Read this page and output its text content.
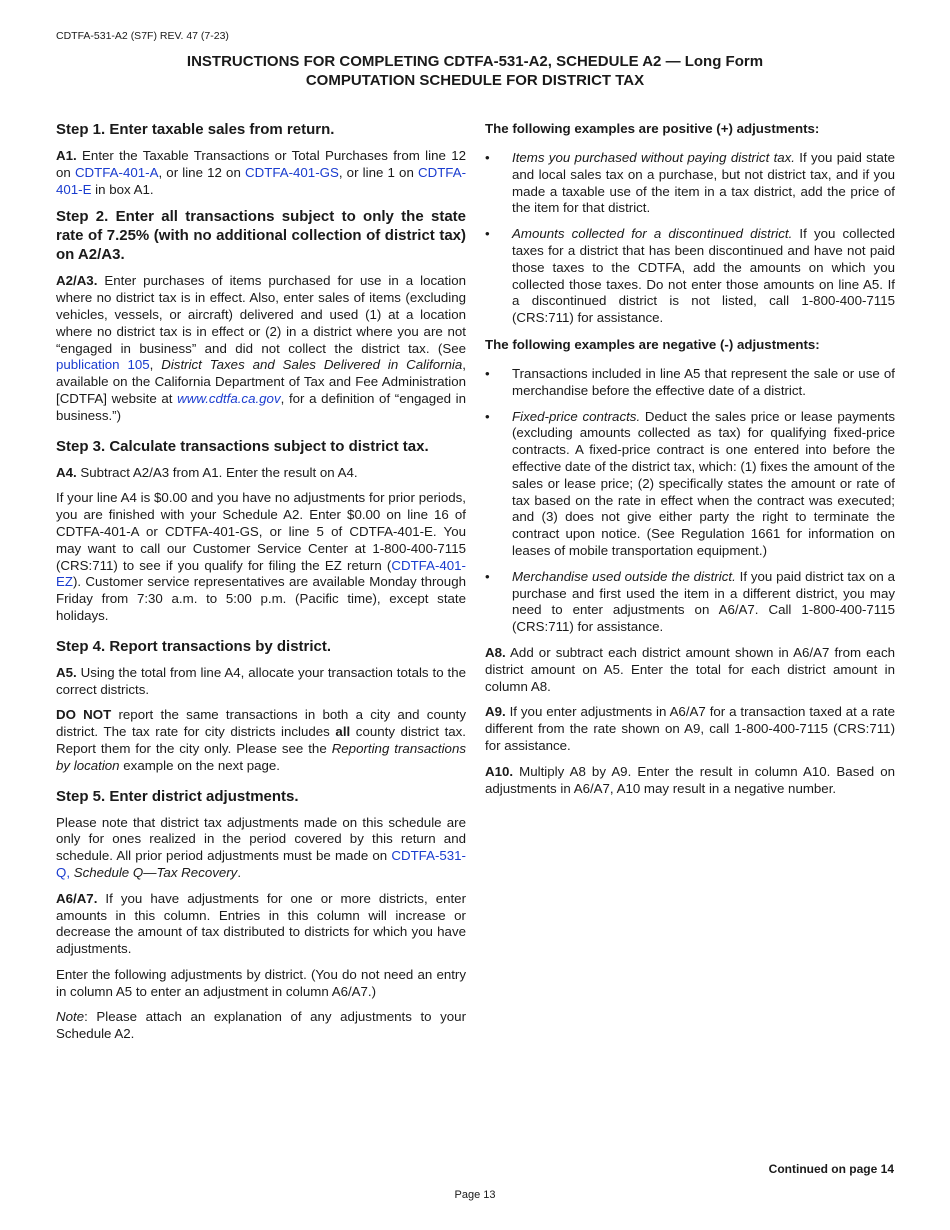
CDTFA-531-A2 (S7F) REV. 47 (7-23)
INSTRUCTIONS FOR COMPLETING CDTFA-531-A2, SCHEDULE A2 — Long Form
COMPUTATION SCHEDULE FOR DISTRICT TAX
Step 1. Enter taxable sales from return.

A1. Enter the Taxable Transactions or Total Purchases from line 12 on CDTFA-401-A, or line 12 on CDTFA-401-GS, or line 1 on CDTFA-401-E in box A1.

Step 2. Enter all transactions subject to only the state rate of 7.25% (with no additional collection of district tax) on A2/A3.

A2/A3. Enter purchases of items purchased for use in a location where no district tax is in effect. Also, enter sales of items (excluding vehicles, vessels, or aircraft) delivered and used (1) at a location where no district tax is in effect or (2) in a district where you are not “engaged in business” and did not collect the district tax. (See publication 105, District Taxes and Sales Delivered in California, available on the California Department of Tax and Fee Administration [CDTFA] website at www.cdtfa.ca.gov, for a definition of “engaged in business.”)

Step 3. Calculate transactions subject to district tax.

A4. Subtract A2/A3 from A1. Enter the result on A4.

If your line A4 is $0.00 and you have no adjustments for prior periods, you are finished with your Schedule A2. Enter $0.00 on line 16 of CDTFA-401-A or CDTFA-401-GS, or line 5 of CDTFA-401-E. You may want to call our Customer Service Center at 1-800-400-7115 (CRS:711) to see if you qualify for filing the EZ return (CDTFA-401-EZ). Customer service representatives are available Monday through Friday from 7:30 a.m. to 5:00 p.m. (Pacific time), except state holidays.

Step 4. Report transactions by district.

A5. Using the total from line A4, allocate your transaction totals to the correct districts.

DO NOT report the same transactions in both a city and county district. The tax rate for city districts includes all county district tax. Report them for the city only. Please see the Reporting transactions by location example on the next page.

Step 5. Enter district adjustments.

Please note that district tax adjustments made on this schedule are only for ones realized in the period covered by this return and schedule. All prior period adjustments must be made on CDTFA-531-Q, Schedule Q—Tax Recovery.

A6/A7. If you have adjustments for one or more districts, enter amounts in this column. Entries in this column will increase or decrease the amount of tax distributed to districts for which you have adjustments.

Enter the following adjustments by district. (You do not need an entry in column A5 to enter an adjustment in column A6/A7.)

Note: Please attach an explanation of any adjustments to your Schedule A2.

The following examples are positive (+) adjustments:
• Items you purchased without paying district tax. If you paid state and local sales tax on a purchase, but not district tax, and if you made a taxable use of the item in a tax district, add the price of the item for that district.
• Amounts collected for a discontinued district. If you collected taxes for a district that has been discontinued and have not paid those taxes to the CDTFA, add the amounts on which you collected those taxes. Do not enter those amounts on line A5. If a discontinued district is not listed, call 1-800-400-7115 (CRS:711) for assistance.
The following examples are negative (-) adjustments:
• Transactions included in line A5 that represent the sale or use of merchandise before the effective date of a district.
• Fixed-price contracts. Deduct the sales price or lease payments (excluding amounts collected as tax) for qualifying fixed-price contracts. A fixed-price contract is one entered into before the effective date of the district tax, which: (1) fixes the amount of the sales or lease price; (2) specifically states the amount or rate of tax based on the rate in effect when the contract was executed; and (3) does not give either party the right to terminate the contract upon notice. (See Regulation 1661 for information on leases of mobile transportation equipment.)
• Merchandise used outside the district. If you paid district tax on a purchase and first used the item in a different district, you may need to enter adjustments on A6/A7. Call 1-800-400-7115 (CRS:711) for assistance.

A8. Add or subtract each district amount shown in A6/A7 from each district amount on A5. Enter the total for each district amount in column A8.

A9. If you enter adjustments in A6/A7 for a transaction taxed at a rate different from the rate shown on A9, call 1-800-400-7115 (CRS:711) for assistance.

A10. Multiply A8 by A9. Enter the result in column A10. Based on adjustments in A6/A7, A10 may result in a negative number.

Continued on page 14
Page 13
